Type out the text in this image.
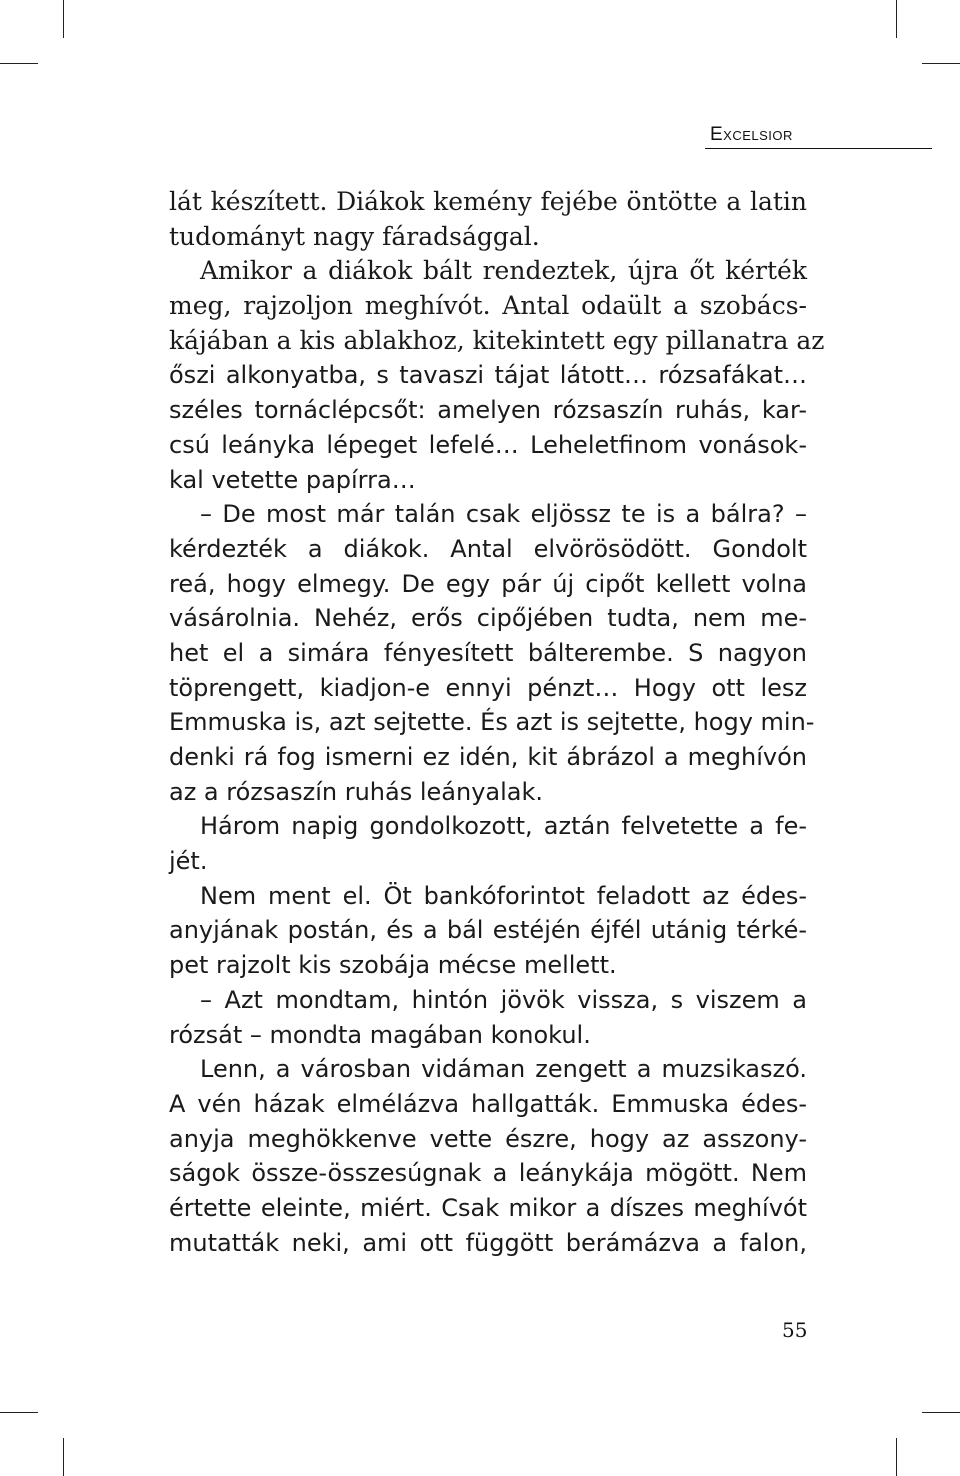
Excelsior
lát készített. Diákok kemény fejébe öntötte a latin
tudományt nagy fáradsággal.
Amikor a diákok bált rendeztek, újra őt kérték
meg, rajzoljon meghívót. Antal odaült a szobács-
kájában a kis ablakhoz, kitekintett egy pillanatra az
őszi alkonyatba, s tavaszi tájat látott… rózsafákat…
széles tornáclépcsőt: amelyen rózsaszín ruhás, kar-
csú leányka lépeget lefelé… Leheletfinom vonások-
kal vetette papírra…
– De most már talán csak eljössz te is a bálra? –
kérdezték a diákok. Antal elvörösödött. Gondolt
reá, hogy elmegy. De egy pár új cipőt kellett volna
vásárolnia. Nehéz, erős cipőjében tudta, nem me-
het el a simára fényesített bálterembe. S nagyon
töprengett, kiadjon-e ennyi pénzt… Hogy ott lesz
Emmuska is, azt sejtette. És azt is sejtette, hogy min-
denki rá fog ismerni ez idén, kit ábrázol a meghívón
az a rózsaszín ruhás leányalak.
Három napig gondolkozott, aztán felvetette a fe-
jét.
Nem ment el. Öt bankóforintot feladott az édes-
anyjának postán, és a bál estéjén éjfél utánig térké-
pet rajzolt kis szobája mécse mellett.
– Azt mondtam, hintón jövök vissza, s viszem a
rózsát – mondta magában konokul.
Lenn, a városban vidáman zengett a muzsikaszó.
A vén házak elmélázva hallgatták. Emmuska édes-
anyja meghökkenve vette észre, hogy az asszony-
ságok össze-összesúgnak a leánykája mögött. Nem
értette eleinte, miért. Csak mikor a díszes meghívót
mutatták neki, ami ott függött berámázva a falon,
55
